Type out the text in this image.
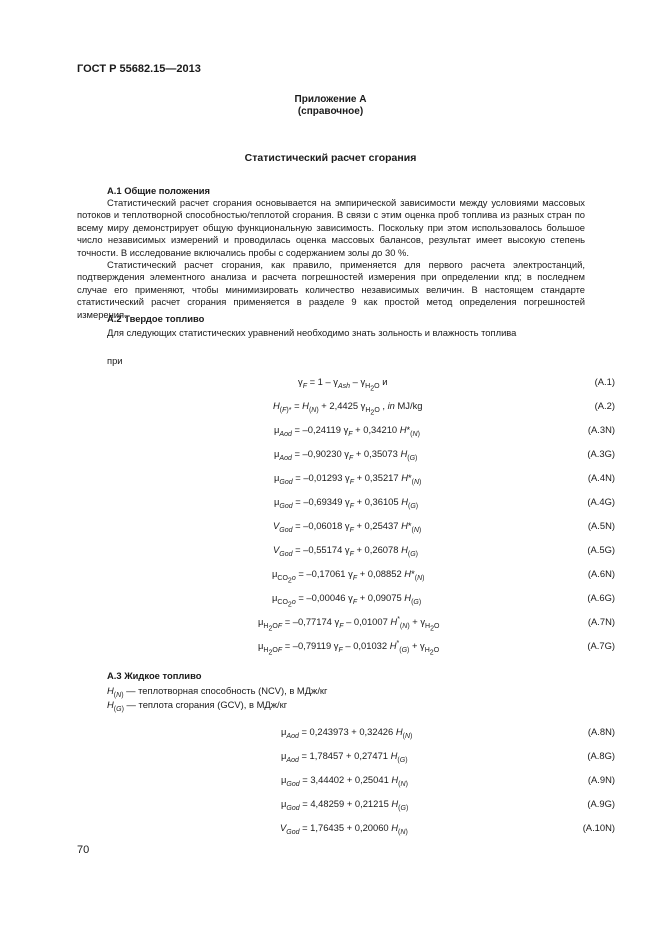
ГОСТ Р 55682.15—2013
Приложение А
(справочное)
Статистический расчет сгорания
А.1 Общие положения

Статистический расчет сгорания основывается на эмпирической зависимости между условиями массовых потоков и теплотворной способностью/теплотой сгорания. В связи с этим оценка проб топлива из разных стран по всему миру демонстрирует общую функциональную зависимость. Поскольку при этом использовалось большое число независимых измерений и проводилась оценка массовых балансов, результат имеет высокую степень точности. В исследование включались пробы с содержанием золы до 30 %.

Статистический расчет сгорания, как правило, применяется для первого расчета электростанций, подтверждения элементного анализа и расчета погрешностей измерения при определении кпд; в последнем случае его применяют, чтобы минимизировать количество независимых величин. В настоящем стандарте статистический расчет сгорания применяется в разделе 9 как простой метод определения погрешностей измерения.

А.2 Твердое топливо
Для следующих статистических уравнений необходимо знать зольность и влажность топлива
при
$\gamma_F = 1 - \gamma_{Ash} - \gamma_{H_2O}$ и	(A.1)
$H_{(F)*} = H_{(N)} + 2,4425$ $\gamma_{H_2O}$ , in MJ/kg	(A.2)
$\mu_{Aod} = -0,24119$ $\gamma_F + 0,34210$ $H*_{(N)}$	(A.3N)
$\mu_{Aod} = -0,90230$ $\gamma_F + 0,35073$ $H_{(G)}$	(A.3G)
$\mu_{God} = -0,01293$ $\gamma_F + 0,35217$ $H*_{(N)}$	(A.4N)
$\mu_{God} = -0,69349$ $\gamma_F + 0,36105$ $H_{(G)}$	(A.4G)
$V_{God} = -0,06018$ $\gamma_F + 0,25437$ $H*_{(N)}$	(A.5N)
$V_{God} = -0,55174$ $\gamma_F + 0,26078$ $H_{(G)}$	(A.5G)
$\mu_{CO_2o} = -0,17061$ $\gamma_F + 0,08852$ $H*_{(N)}$	(A.6N)
$\mu_{CO_2o} = -0,00046$ $\gamma_F + 0,09075$ $H_{(G)}$	(A.6G)
$\mu_{H_2OF} = -0,77174$ $\gamma_F - 0,01007$ $H^*_{(N)} + \gamma_{H_2O}$	(A.7N)
$\mu_{H_2OF} = -0,79119$ $\gamma_F - 0,01032$ $H^*_{(G)} + \gamma_{H_2O}$	(A.7G)
А.3 Жидкое топливо
$H_{(N)}$ — теплотворная способность (NCV), в МДж/кг
$H_{(G)}$ — теплота сгорания (GCV), в МДж/кг
$\mu_{Aod} = 0,243973 + 0,32426$ $H_{(N)}$	(A.8N)
$\mu_{Aod} = 1,78457 + 0,27471$ $H_{(G)}$	(A.8G)
$\mu_{God} = 3,44402 + 0,25041$ $H_{(N)}$	(A.9N)
$\mu_{God} = 4,48259 + 0,21215$ $H_{(G)}$	(A.9G)
$V_{God} = 1,76435 + 0,20060$ $H_{(N)}$	(A.10N)
70
